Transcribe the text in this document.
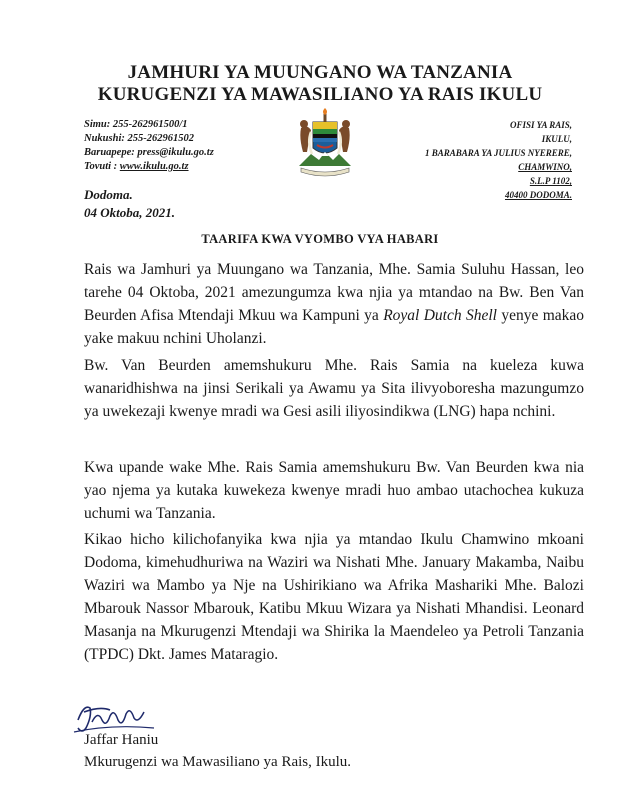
JAMHURI YA MUUNGANO WA TANZANIA
KURUGENZI YA MAWASILIANO YA RAIS IKULU
Simu: 255-262961500/1
Nukushi: 255-262961502
Baruapepe: press@ikulu.go.tz
Tovuti : www.ikulu.go.tz
OFISI YA RAIS,
IKULU,
1 BARABARA YA JULIUS NYERERE,
CHAMWINO,
S.L.P 1102,
40400 DODOMA.
Dodoma.
04 Oktoba, 2021.
TAARIFA KWA VYOMBO VYA HABARI
Rais wa Jamhuri ya Muungano wa Tanzania, Mhe. Samia Suluhu Hassan, leo tarehe 04 Oktoba, 2021 amezungumza kwa njia ya mtandao na Bw. Ben Van Beurden Afisa Mtendaji Mkuu wa Kampuni ya Royal Dutch Shell yenye makao yake makuu nchini Uholanzi.
Bw. Van Beurden amemshukuru Mhe. Rais Samia na kueleza kuwa wanaridhishwa na jinsi Serikali ya Awamu ya Sita ilivyoboresha mazungumzo ya uwekezaji kwenye mradi wa Gesi asili iliyosindikwa (LNG) hapa nchini.
Kwa upande wake Mhe. Rais Samia amemshukuru Bw. Van Beurden kwa nia yao njema ya kutaka kuwekeza kwenye mradi huo ambao utachochea kukuza uchumi wa Tanzania.
Kikao hicho kilichofanyika kwa njia ya mtandao Ikulu Chamwino mkoani Dodoma, kimehudhuriwa na Waziri wa Nishati Mhe. January Makamba, Naibu Waziri wa Mambo ya Nje na Ushirikiano wa Afrika Mashariki Mhe. Balozi Mbarouk Nassor Mbarouk, Katibu Mkuu Wizara ya Nishati Mhandisi. Leonard Masanja na Mkurugenzi Mtendaji wa Shirika la Maendeleo ya Petroli Tanzania (TPDC) Dkt. James Mataragio.
Jaffar Haniu
Mkurugenzi wa Mawasiliano ya Rais, Ikulu.
